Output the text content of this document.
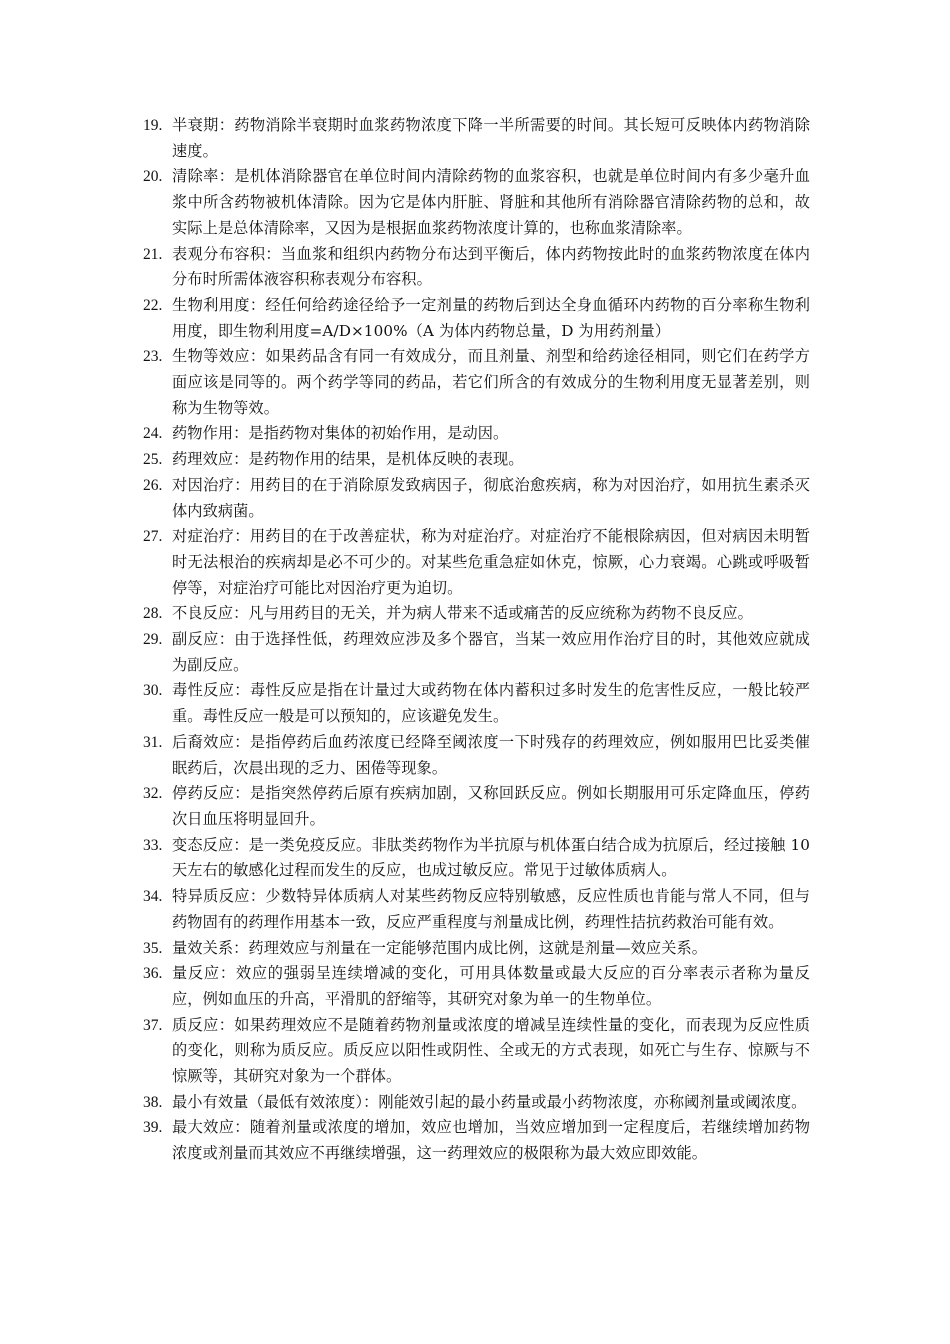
19. 半衰期：药物消除半衰期时血浆药物浓度下降一半所需要的时间。其长短可反映体内药物消除速度。
20. 清除率：是机体消除器官在单位时间内清除药物的血浆容积，也就是单位时间内有多少毫升血浆中所含药物被机体清除。因为它是体内肝脏、肾脏和其他所有消除器官清除药物的总和，故实际上是总体清除率，又因为是根据血浆药物浓度计算的，也称血浆清除率。
21. 表观分布容积：当血浆和组织内药物分布达到平衡后，体内药物按此时的血浆药物浓度在体内分布时所需体液容积称表观分布容积。
22. 生物利用度：经任何给药途径给予一定剂量的药物后到达全身血循环内药物的百分率称生物利用度，即生物利用度=A/D×100%（A 为体内药物总量，D 为用药剂量）
23. 生物等效应：如果药品含有同一有效成分，而且剂量、剂型和给药途径相同，则它们在药学方面应该是同等的。两个药学等同的药品，若它们所含的有效成分的生物利用度无显著差别，则称为生物等效。
24. 药物作用：是指药物对集体的初始作用，是动因。
25. 药理效应：是药物作用的结果，是机体反映的表现。
26. 对因治疗：用药目的在于消除原发致病因子，彻底治愈疾病，称为对因治疗，如用抗生素杀灭体内致病菌。
27. 对症治疗：用药目的在于改善症状，称为对症治疗。对症治疗不能根除病因，但对病因未明暂时无法根治的疾病却是必不可少的。对某些危重急症如休克，惊厥，心力衰竭。心跳或呼吸暂停等，对症治疗可能比对因治疗更为迫切。
28. 不良反应：凡与用药目的无关，并为病人带来不适或痛苦的反应统称为药物不良反应。
29. 副反应：由于选择性低，药理效应涉及多个器官，当某一效应用作治疗目的时，其他效应就成为副反应。
30. 毒性反应：毒性反应是指在计量过大或药物在体内蓄积过多时发生的危害性反应，一般比较严重。毒性反应一般是可以预知的，应该避免发生。
31. 后裔效应：是指停药后血药浓度已经降至阈浓度一下时残存的药理效应，例如服用巴比妥类催眠药后，次晨出现的乏力、困倦等现象。
32. 停药反应：是指突然停药后原有疾病加剧，又称回跃反应。例如长期服用可乐定降血压，停药次日血压将明显回升。
33. 变态反应：是一类免疫反应。非肽类药物作为半抗原与机体蛋白结合成为抗原后，经过接触 10 天左右的敏感化过程而发生的反应，也成过敏反应。常见于过敏体质病人。
34. 特异质反应：少数特异体质病人对某些药物反应特别敏感，反应性质也肯能与常人不同，但与药物固有的药理作用基本一致，反应严重程度与剂量成比例，药理性拮抗药救治可能有效。
35. 量效关系：药理效应与剂量在一定能够范围内成比例，这就是剂量—效应关系。
36. 量反应：效应的强弱呈连续增减的变化，可用具体数量或最大反应的百分率表示者称为量反应，例如血压的升高，平滑肌的舒缩等，其研究对象为单一的生物单位。
37. 质反应：如果药理效应不是随着药物剂量或浓度的增减呈连续性量的变化，而表现为反应性质的变化，则称为质反应。质反应以阳性或阴性、全或无的方式表现，如死亡与生存、惊厥与不惊厥等，其研究对象为一个群体。
38. 最小有效量（最低有效浓度）：刚能效引起的最小药量或最小药物浓度，亦称阈剂量或阈浓度。
39. 最大效应：随着剂量或浓度的增加，效应也增加，当效应增加到一定程度后，若继续增加药物浓度或剂量而其效应不再继续增强，这一药理效应的极限称为最大效应即效能。
